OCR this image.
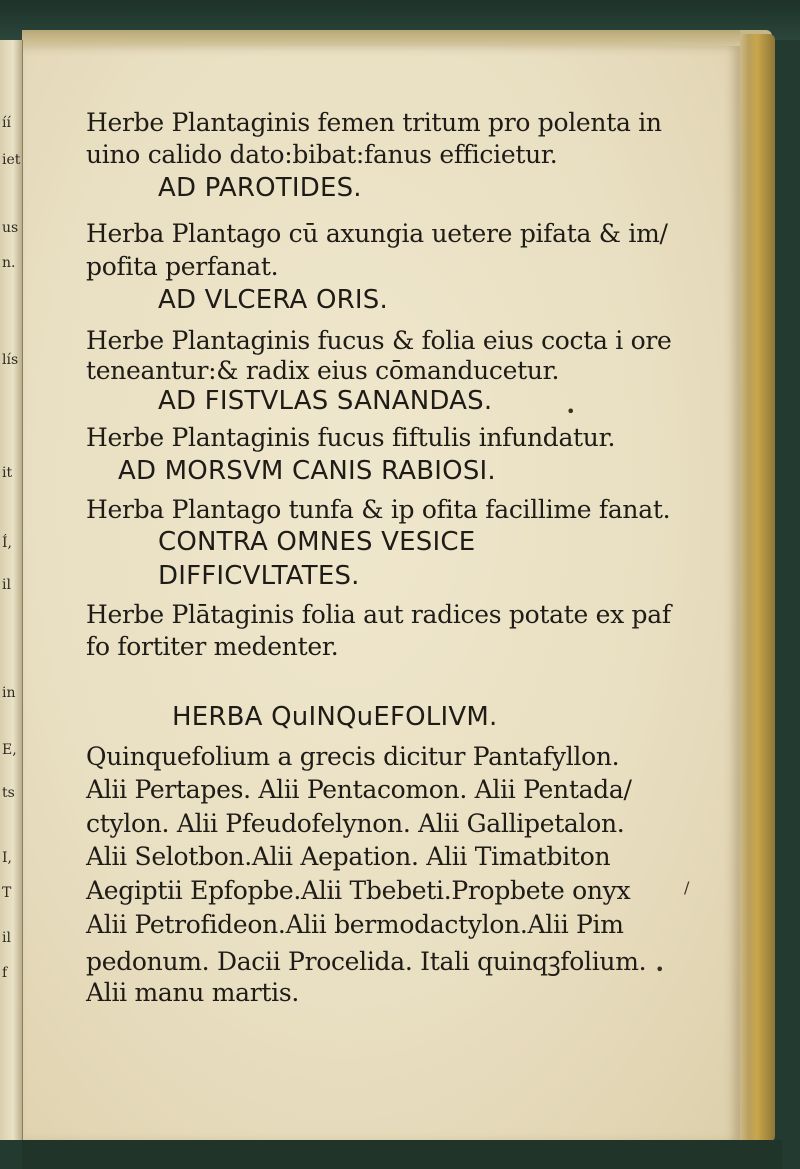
íí
iet
us
n.
lís
it
Í,
il
in
E,
ts
I,
T
il
f
Herbe Plantaginis femen tritum pro polenta in
uino calido dato:bibat:fanus efficietur.
AD PAROTIDES.
Herba Plantago cū axungia uetere pifata & im/
pofita perfanat.
AD VLCERA ORIS.
Herbe Plantaginis fucus & folia eius cocta i ore
teneantur:& radix eius cōmanducetur.
AD FISTVLAS SANANDAS.
Herbe Plantaginis fucus fiftulis infundatur.
AD MORSVM CANIS RABIOSI.
Herba Plantago tunfa & ip ofita facillime fanat.
CONTRA OMNES VESICE
DIFFICVLTATES.
Herbe Plātaginis folia aut radices potate ex paf
fo fortiter medenter.
HERBA QuINQuEFOLIVM.
Quinquefolium a grecis dicitur Pantafyllon.
Alii Pertapes. Alii Pentacomon. Alii Pentada/
ctylon. Alii Pfeudofelynon. Alii Gallipetalon.
Alii Selotbon.Alii Aepation. Alii Timatbiton
Aegiptii Epfopbe.Alii Tbebeti.Propbete onyx
Alii Petrofideon.Alii bermodactylon.Alii Pim
pedonum. Dacii Procelida. Itali quinqꝫfolium.
Alii manu martis.
•
•
/
